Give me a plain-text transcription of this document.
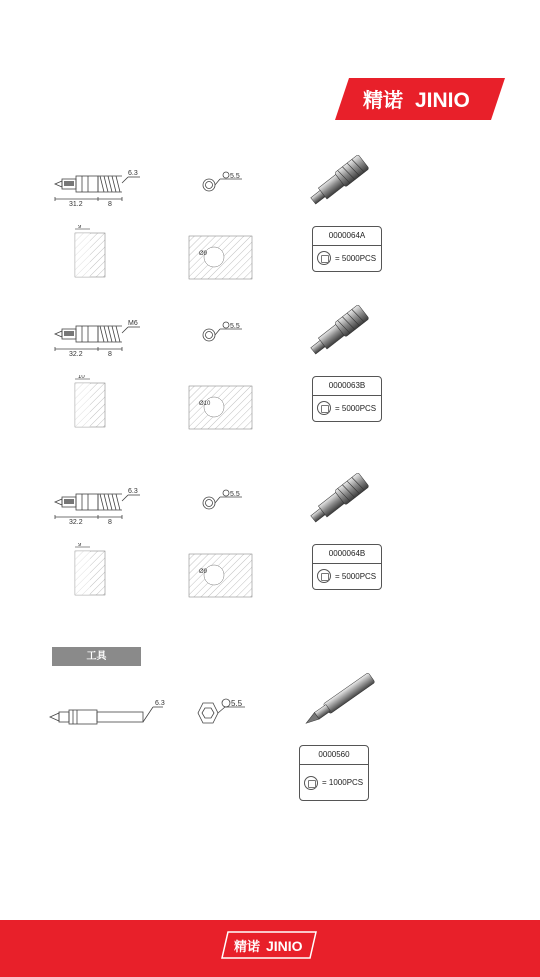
精诺 JINIO
6.3
31.2	8
5.5
9
Ø9
0000064A
= 5000PCS
M6
32.2	8
5.5
10
Ø10
0000063B
= 5000PCS
6.3
32.2	8
5.5
9
Ø9
0000064B
= 5000PCS
工具
6.3	5.5
0000560
= 1000PCS
精诺 JINIO
